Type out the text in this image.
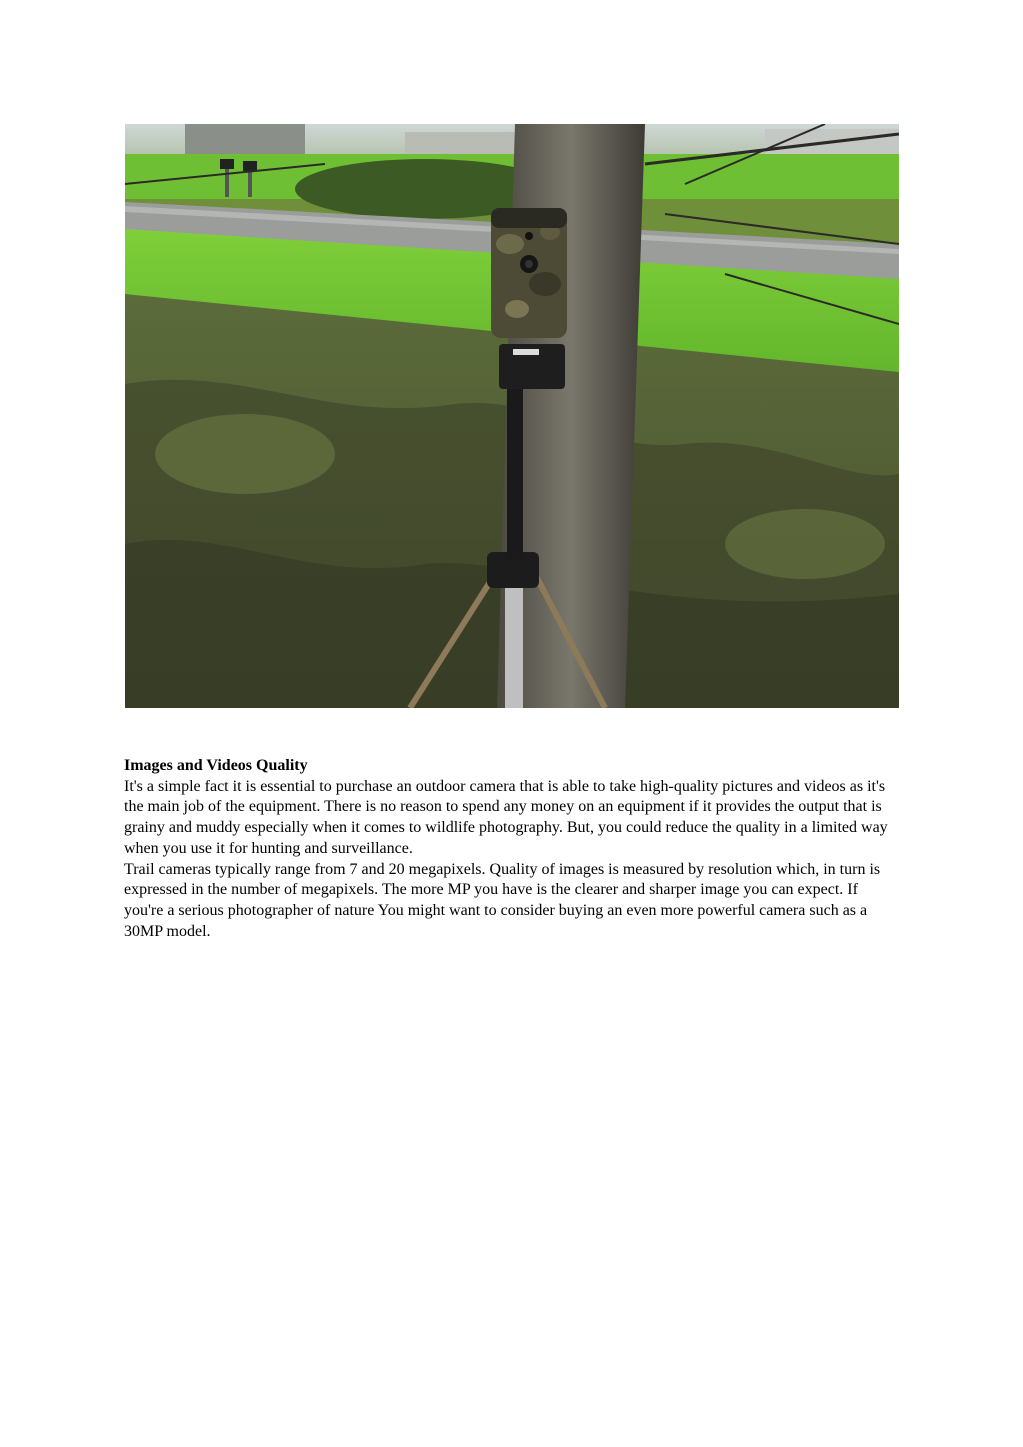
Images and Videos Quality

It's a simple fact it is essential to purchase an outdoor camera that is able to take high-quality pictures and videos as it's the main job of the equipment. There is no reason to spend any money on an equipment if it provides the output that is grainy and muddy especially when it comes to wildlife photography. But, you could reduce the quality in a limited way when you use it for hunting and surveillance.

Trail cameras typically range from 7 and 20 megapixels. Quality of images is measured by resolution which, in turn is expressed in the number of megapixels. The more MP you have is the clearer and sharper image you can expect. If you're a serious photographer of nature You might want to consider buying an even more powerful camera such as a 30MP model.
